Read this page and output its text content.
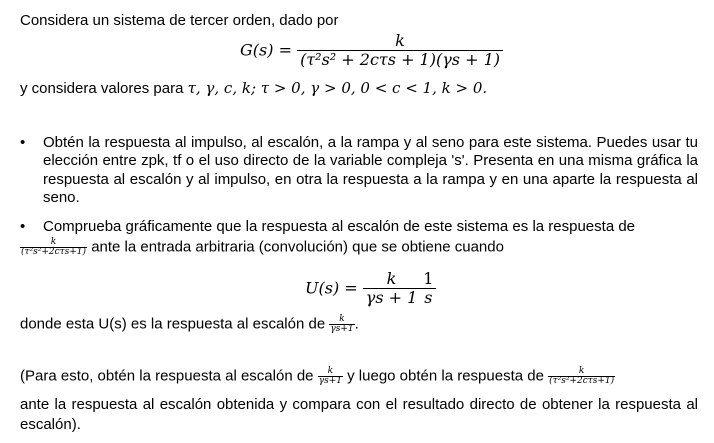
Considera un sistema de tercer orden, dado por
$G(s) = \frac{k}{\text{(τ²s² + 2cτs + 1)(γs + 1)}}$
y considera valores para τ, γ, c, k; τ > 0, γ > 0, 0 < c < 1, k > 0.
• Obtén la respuesta al impulso, al escalón, a la rampa y al seno para este sistema. Puedes usar tu elección entre zpk, tf o el uso directo de la variable compleja 's'. Presenta en una misma gráfica la respuesta al escalón y al impulso, en otra la respuesta a la rampa y en una aparte la respuesta al seno.
• Comprueba gráficamente que la respuesta al escalón de este sistema es la respuesta de
$\frac{k}{\text{(τ²s²+2cτs+1)}}$ ante la entrada arbitraria (convolución) que se obtiene cuando
$U(s) = \frac{k}{\gamma s + 1} \frac{1}{s}$
donde esta U(s) es la respuesta al escalón de $\frac{k}{\gamma s+1}$ .
(Para esto, obtén la respuesta al escalón de $\frac{k}{\gamma s+1}$ y luego obtén la respuesta de $\frac{k}{\text{(τ²s²+2cτs+1)}}$
ante la respuesta al escalón obtenida y compara con el resultado directo de obtener la respuesta al escalón).
